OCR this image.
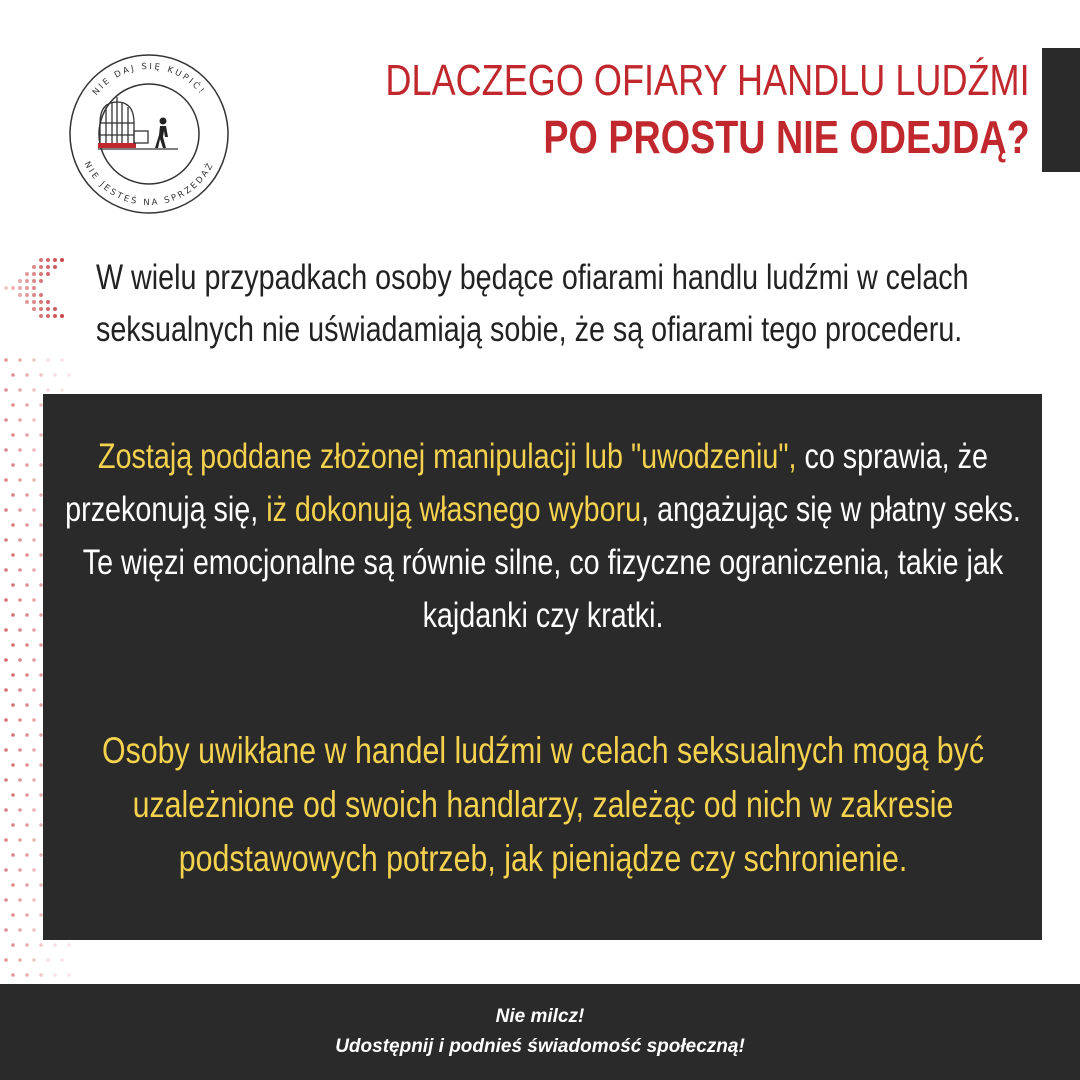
NIE DAJ SIĘ KUPIĆ!
NIE JESTEŚ NA SPRZEDAŻ
DLACZEGO OFIARY HANDLU LUDŹMI
PO PROSTU NIE ODEJDĄ?
W wielu przypadkach osoby będące ofiarami handlu ludźmi w celach seksualnych nie uświadamiają sobie, że są ofiarami tego procederu.
Zostają poddane złożonej manipulacji lub "uwodzeniu", co sprawia, że przekonują się, iż dokonują własnego wyboru, angażując się w płatny seks. Te więzi emocjonalne są równie silne, co fizyczne ograniczenia, takie jak kajdanki czy kratki.
Osoby uwikłane w handel ludźmi w celach seksualnych mogą być uzależnione od swoich handlarzy, zależąc od nich w zakresie podstawowych potrzeb, jak pieniądze czy schronienie.
Nie milcz!
Udostępnij i podnieś świadomość społeczną!
